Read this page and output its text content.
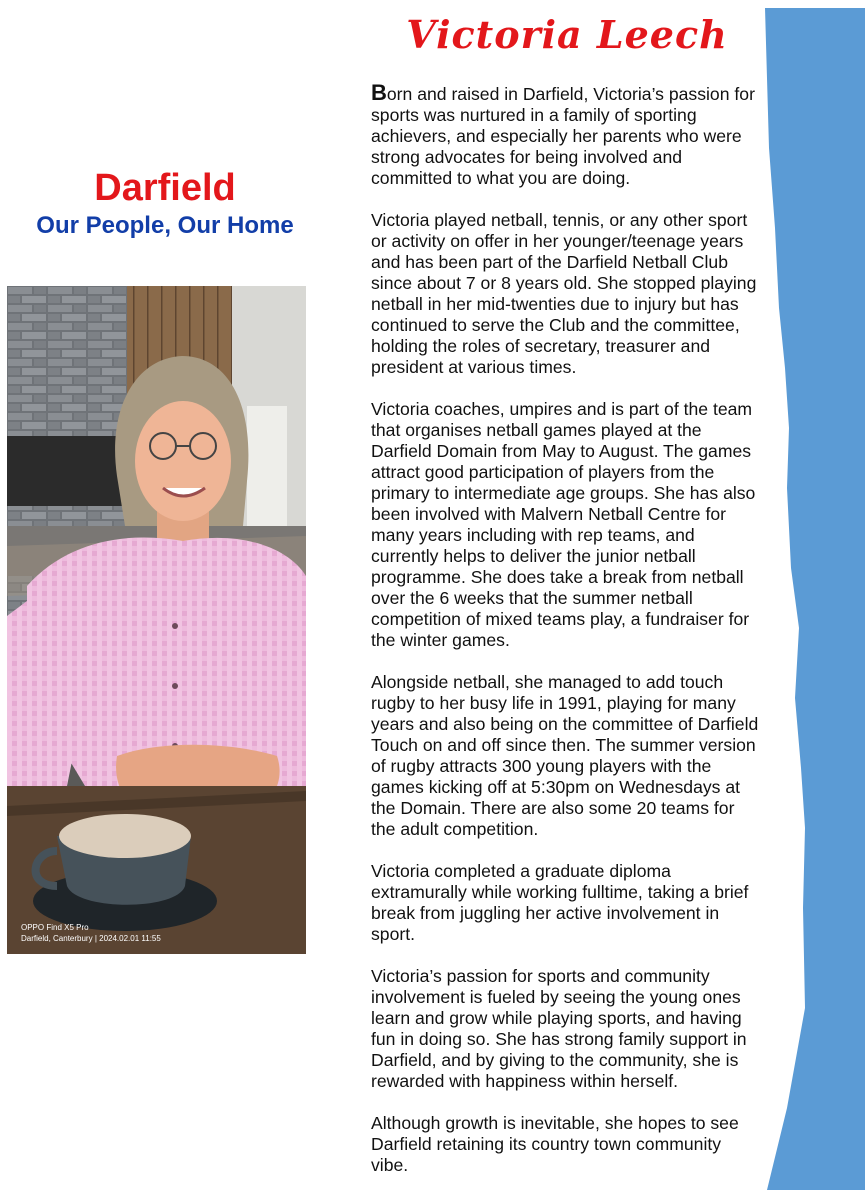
Victoria Leech
Darfield
Our People, Our Home
OPPO Find X5 Pro
Darfield, Canterbury | 2024.02.01 11:55

Born and raised in Darfield, Victoria’s passion for sports was nurtured in a family of sporting achievers, and especially her parents who were strong advocates for being involved and committed to what you are doing.

Victoria played netball, tennis, or any other sport or activity on offer in her younger/teenage years and has been part of the Darfield Netball Club since about 7 or 8 years old. She stopped playing netball in her mid-twenties due to injury but has continued to serve the Club and the committee, holding the roles of secretary, treasurer and president at various times.

Victoria coaches, umpires and is part of the team that organises netball games played at the Darfield Domain from May to August. The games attract good participation of players from the primary to intermediate age groups. She has also been involved with Malvern Netball Centre for many years including with rep teams, and currently helps to deliver the junior netball programme. She does take a break from netball over the 6 weeks that the summer netball competition of mixed teams play, a fundraiser for the winter games.

Alongside netball, she managed to add touch rugby to her busy life in 1991, playing for many years and also being on the committee of Darfield Touch on and off since then. The summer version of rugby attracts 300 young players with the games kicking off at 5:30pm on Wednesdays at the Domain. There are also some 20 teams for the adult competition.

Victoria completed a graduate diploma extramurally while working fulltime, taking a brief break from juggling her active involvement in sport.

Victoria’s passion for sports and community involvement is fueled by seeing the young ones learn and grow while playing sports, and having fun in doing so. She has strong family support in Darfield, and by giving to the community, she is rewarded with happiness within herself.

Although growth is inevitable, she hopes to see Darfield retaining its country town community vibe.
